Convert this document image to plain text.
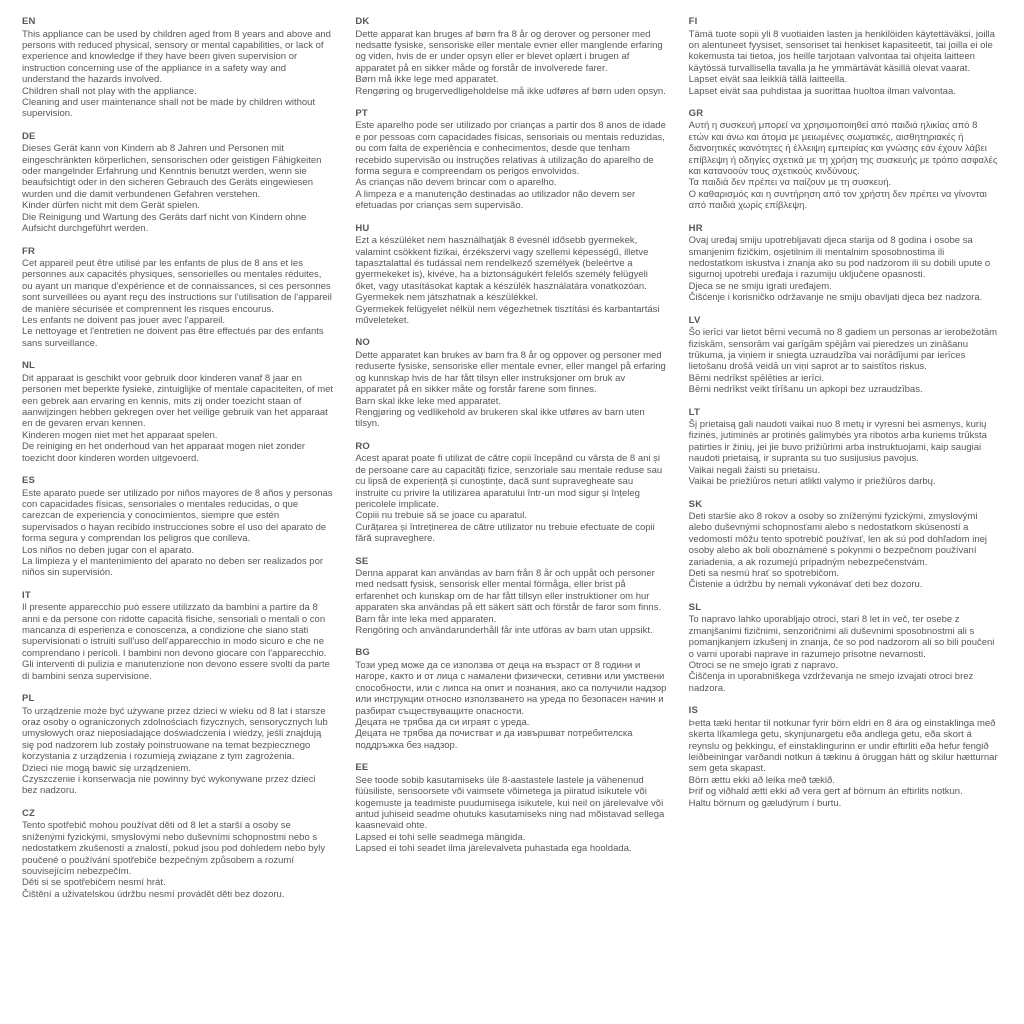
EN

This appliance can be used by children aged from 8 years and above and persons with reduced physical, sensory or mental capabilities, or lack of experience and knowledge if they have been given supervision or instruction concerning use of the appliance in a safety way and understand the hazards involved.

Children shall not play with the appliance.

Cleaning and user maintenance shall not be made by children without supervision.

DE

Dieses Gerät kann von Kindern ab 8 Jahren und Personen mit eingeschränkten körperlichen, sensorischen oder geistigen Fähigkeiten oder mangelnder Erfahrung und Kenntnis benutzt werden, wenn sie beaufsichtigt oder in den sicheren Gebrauch des Geräts eingewiesen wurden und die damit verbundenen Gefahren verstehen.

Kinder dürfen nicht mit dem Gerät spielen.

Die Reinigung und Wartung des Geräts darf nicht von Kindern ohne Aufsicht durchgeführt werden.

FR

Cet appareil peut être utilisé par les enfants de plus de 8 ans et les personnes aux capacités physiques, sensorielles ou mentales réduites, ou ayant un manque d'expérience et de connaissances, si ces personnes sont surveillées ou ayant reçu des instructions sur l'utilisation de l'appareil de manière sécurisée et comprennent les risques encourus.

Les enfants ne doivent pas jouer avec l'appareil.

Le nettoyage et l'entretien ne doivent pas être effectués par des enfants sans surveillance.

NL

Dit apparaat is geschikt voor gebruik door kinderen vanaf 8 jaar en personen met beperkte fysieke, zintuiglijke of mentale capaciteiten, of met een gebrek aan ervaring en kennis, mits zij onder toezicht staan of aanwijzingen hebben gekregen over het veilige gebruik van het apparaat en de gevaren ervan kennen.

Kinderen mogen niet met het apparaat spelen.

De reiniging en het onderhoud van het apparaat mogen niet zonder toezicht door kinderen worden uitgevoerd.

ES

Este aparato puede ser utilizado por niños mayores de 8 años y personas con capacidades físicas, sensoriales o mentales reducidas, o que carezcan de experiencia y conocimientos, siempre que estén supervisados o hayan recibido instrucciones sobre el uso del aparato de forma segura y comprendan los peligros que conlleva.

Los niños no deben jugar con el aparato.

La limpieza y el mantenimiento del aparato no deben ser realizados por niños sin supervisión.

IT

Il presente apparecchio può essere utilizzato da bambini a partire da 8 anni e da persone con ridotte capacità fisiche, sensoriali o mentali o con mancanza di esperienza e conoscenza, a condizione che siano stati supervisionati o istruiti sull'uso dell'apparecchio in modo sicuro e che ne comprendano i pericoli. I bambini non devono giocare con l'apparecchio.

Gli interventi di pulizia e manutenzione non devono essere svolti da parte di bambini senza supervisione.

PL

To urządzenie może być używane przez dzieci w wieku od 8 lat i starsze oraz osoby o ograniczonych zdolnościach fizycznych, sensorycznych lub umysłowych oraz nieposiadające doświadczenia i wiedzy, jeśli znajdują się pod nadzorem lub zostały poinstruowane na temat bezpiecznego korzystania z urządzenia i rozumieją związane z tym zagrożenia.

Dzieci nie mogą bawić się urządzeniem.

Czyszczenie i konserwacja nie powinny być wykonywane przez dzieci bez nadzoru.

CZ

Tento spotřebič mohou používat děti od 8 let a starší a osoby se sníženými fyzickými, smyslovými nebo duševními schopnostmi nebo s nedostatkem zkušeností a znalostí, pokud jsou pod dohledem nebo byly poučené o používání spotřebiče bezpečným způsobem a rozumí souvisejícím nebezpečím.

Děti si se spotřebičem nesmí hrát.

Čištění a uživatelskou údržbu nesmí provádět děti bez dozoru.

DK

Dette apparat kan bruges af børn fra 8 år og derover og personer med nedsatte fysiske, sensoriske eller mentale evner eller manglende erfaring og viden, hvis de er under opsyn eller er blevet oplært i brugen af apparatet på en sikker måde og forstår de involverede farer.

Børn må ikke lege med apparatet.

Rengøring og brugervedligeholdelse må ikke udføres af børn uden opsyn.

PT

Este aparelho pode ser utilizado por crianças a partir dos 8 anos de idade e por pessoas com capacidades físicas, sensoriais ou mentais reduzidas, ou com falta de experiência e conhecimentos, desde que tenham recebido supervisão ou instruções relativas à utilização do aparelho de forma segura e compreendam os perigos envolvidos.

As crianças não devem brincar com o aparelho.

A limpeza e a manutenção destinadas ao utilizador não devem ser efetuadas por crianças sem supervisão.

HU

Ezt a készüléket nem használhatják 8 évesnél idősebb gyermekek, valamint csökkent fizikai, érzékszervi vagy szellemi képességű, illetve tapasztalattal és tudással nem rendelkező személyek (beleértve a gyermekeket is), kivéve, ha a biztonságukért felelős személy felügyeli őket, vagy utasításokat kaptak a készülék használatára vonatkozóan.

Gyermekek nem játszhatnak a készülékkel.

Gyermekek felügyelet nélkül nem végezhetnek tisztítási és karbantartási műveleteket.

NO

Dette apparatet kan brukes av barn fra 8 år og oppover og personer med reduserte fysiske, sensoriske eller mentale evner, eller mangel på erfaring og kunnskap hvis de har fått tilsyn eller instruksjoner om bruk av apparatet på en sikker måte og forstår farene som finnes.

Barn skal ikke leke med apparatet.

Rengjøring og vedlikehold av brukeren skal ikke utføres av barn uten tilsyn.

RO

Acest aparat poate fi utilizat de către copii începând cu vârsta de 8 ani și de persoane care au capacități fizice, senzoriale sau mentale reduse sau cu lipsă de experiență și cunoștințe, dacă sunt supravegheate sau instruite cu privire la utilizarea aparatului într-un mod sigur și înțeleg pericolele implicate.

Copiii nu trebuie să se joace cu aparatul.

Curățarea și întreținerea de către utilizator nu trebuie efectuate de copii fără supraveghere.

SE

Denna apparat kan användas av barn från 8 år och uppåt och personer med nedsatt fysisk, sensorisk eller mental förmåga, eller brist på erfarenhet och kunskap om de har fått tillsyn eller instruktioner om hur apparaten ska användas på ett säkert sätt och förstår de faror som finns.

Barn får inte leka med apparaten.

Rengöring och användarunderhåll får inte utföras av barn utan uppsikt.

BG

Този уред може да се използва от деца на възраст от 8 години и нагоре, както и от лица с намалени физически, сетивни или умствени способности, или с липса на опит и познания, ако са получили надзор или инструкции относно използването на уреда по безопасен начин и разбират съществуващите опасности.

Децата не трябва да си играят с уреда.

Децата не трябва да почистват и да извършват потребителска поддръжка без надзор.

EE

See toode sobib kasutamiseks üle 8-aastastele lastele ja vähenenud füüsiliste, sensoorsete või vaimsete võimetega ja piiratud isikutele või kogemuste ja teadmiste puudumisega isikutele, kui neil on järelevalve või antud juhiseid seadme ohutuks kasutamiseks ning nad mõistavad sellega kaasnevaid ohte.

Lapsed ei tohi selle seadmega mängida.

Lapsed ei tohi seadet ilma järelevalveta puhastada ega hooldada.

FI

Tämä tuote sopii yli 8 vuotiaiden lasten ja henkilöiden käytettäväksi, joilla on alentuneet fyysiset, sensoriset tai henkiset kapasiteetit, tai joilla ei ole kokemusta tai tietoa, jos heille tarjotaan valvontaa tai ohjeita laitteen käytössä turvallisella tavalla ja he ymmärtävät käsillä olevat vaarat.

Lapset eivät saa leikkiä tällä laitteella.

Lapset eivät saa puhdistaa ja suorittaa huoltoa ilman valvontaa.

GR

Αυτή η συσκευή μπορεί να χρησιμοποιηθεί από παιδιά ηλικίας από 8 ετών και άνω και άτομα με μειωμένες σωματικές, αισθητηριακές ή διανοητικές ικανότητες ή έλλειψη εμπειρίας και γνώσης εάν έχουν λάβει επίβλεψη ή οδηγίες σχετικά με τη χρήση της συσκευής με τρόπο ασφαλές και κατανοούν τους σχετικούς κινδύνους.

Τα παιδιά δεν πρέπει να παίζουν με τη συσκευή.

Ο καθαρισμός και η συντήρηση από τον χρήστη δεν πρέπει να γίνονται από παιδιά χωρίς επίβλεψη.

HR

Ovaj uređaj smiju upotrebljavati djeca starija od 8 godina i osobe sa smanjenim fizičkim, osjetilnim ili mentalnim sposobnostima ili nedostatkom iskustva i znanja ako su pod nadzorom ili su dobili upute o sigurnoj upotrebi uređaja i razumiju uključene opasnosti.

Djeca se ne smiju igrati uređajem.

Čišćenje i korisničko održavanje ne smiju obavljati djeca bez nadzora.

LV

Šo ierīci var lietot bērni vecumā no 8 gadiem un personas ar ierobežotām fiziskām, sensorām vai garīgām spējām vai pieredzes un zināšanu trūkuma, ja viņiem ir sniegta uzraudzība vai norādījumi par ierīces lietošanu drošā veidā un viņi saprot ar to saistītos riskus.

Bērni nedrīkst spēlēties ar ierīci.

Bērni nedrīkst veikt tīrīšanu un apkopi bez uzraudzības.

LT

Šį prietaisą gali naudoti vaikai nuo 8 metų ir vyresni bei asmenys, kurių fizinės, jutiminės ar protinės galimybės yra ribotos arba kuriems trūksta patirties ir žinių, jei jie buvo prižiūrimi arba instruktuojami, kaip saugiai naudoti prietaisą, ir supranta su tuo susijusius pavojus.

Vaikai negali žaisti su prietaisu.

Vaikai be priežiūros neturi atlikti valymo ir priežiūros darbų.

SK

Deti staršie ako 8 rokov a osoby so zníženými fyzickými, zmyslovými alebo duševnými schopnosťami alebo s nedostatkom skúseností a vedomostí môžu tento spotrebič používať, len ak sú pod dohľadom inej osoby alebo ak boli oboznámené s pokynmi o bezpečnom používaní zariadenia, a ak rozumejú prípadným nebezpečenstvám.

Deti sa nesmú hrať so spotrebičom.

Čistenie a údržbu by nemali vykonávať deti bez dozoru.

SL

To napravo lahko uporabljajo otroci, stari 8 let in več, ter osebe z zmanjšanimi fizičnimi, senzoričnimi ali duševnimi sposobnostmi ali s pomanjkanjem izkušenj in znanja, če so pod nadzorom ali so bili poučeni o varni uporabi naprave in razumejo prisotne nevarnosti.

Otroci se ne smejo igrati z napravo.

Čiščenja in uporabniškega vzdrževanja ne smejo izvajati otroci brez nadzora.

IS

Þetta tæki hentar til notkunar fyrir börn eldri en 8 ára og einstaklinga með skerta líkamlega getu, skynjunargetu eða andlega getu, eða skort á reynslu og þekkingu, ef einstaklingurinn er undir eftirliti eða hefur fengið leiðbeiningar varðandi notkun á tækinu á öruggan hátt og skilur hætturnar sem geta skapast.

Börn ættu ekki að leika með tækið.

Þrif og viðhald ætti ekki að vera gert af börnum án eftirlits notkun.

Haltu börnum og gæludýrum í burtu.
